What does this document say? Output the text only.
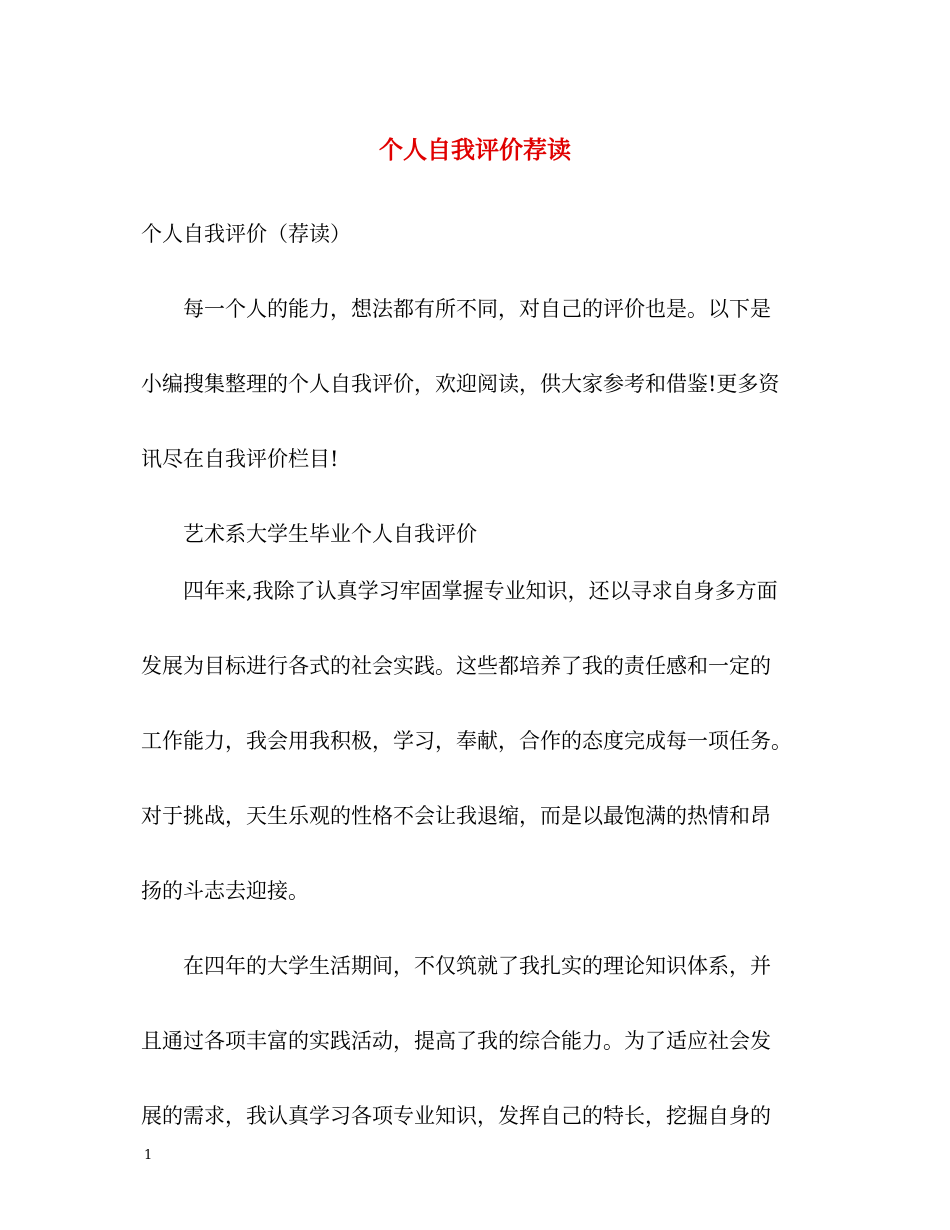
个人自我评价荐读

个人自我评价（荐读）

每一个人的能力，想法都有所不同，对自己的评价也是。以下是

小编搜集整理的个人自我评价，欢迎阅读，供大家参考和借鉴!更多资

讯尽在自我评价栏目!

艺术系大学生毕业个人自我评价

四年来,我除了认真学习牢固掌握专业知识，还以寻求自身多方面

发展为目标进行各式的社会实践。这些都培养了我的责任感和一定的

工作能力，我会用我积极，学习，奉献，合作的态度完成每一项任务。

对于挑战，天生乐观的性格不会让我退缩，而是以最饱满的热情和昂

扬的斗志去迎接。

在四年的大学生活期间，不仅筑就了我扎实的理论知识体系，并

且通过各项丰富的实践活动，提高了我的综合能力。为了适应社会发

展的需求，我认真学习各项专业知识，发挥自己的特长，挖掘自身的

1
